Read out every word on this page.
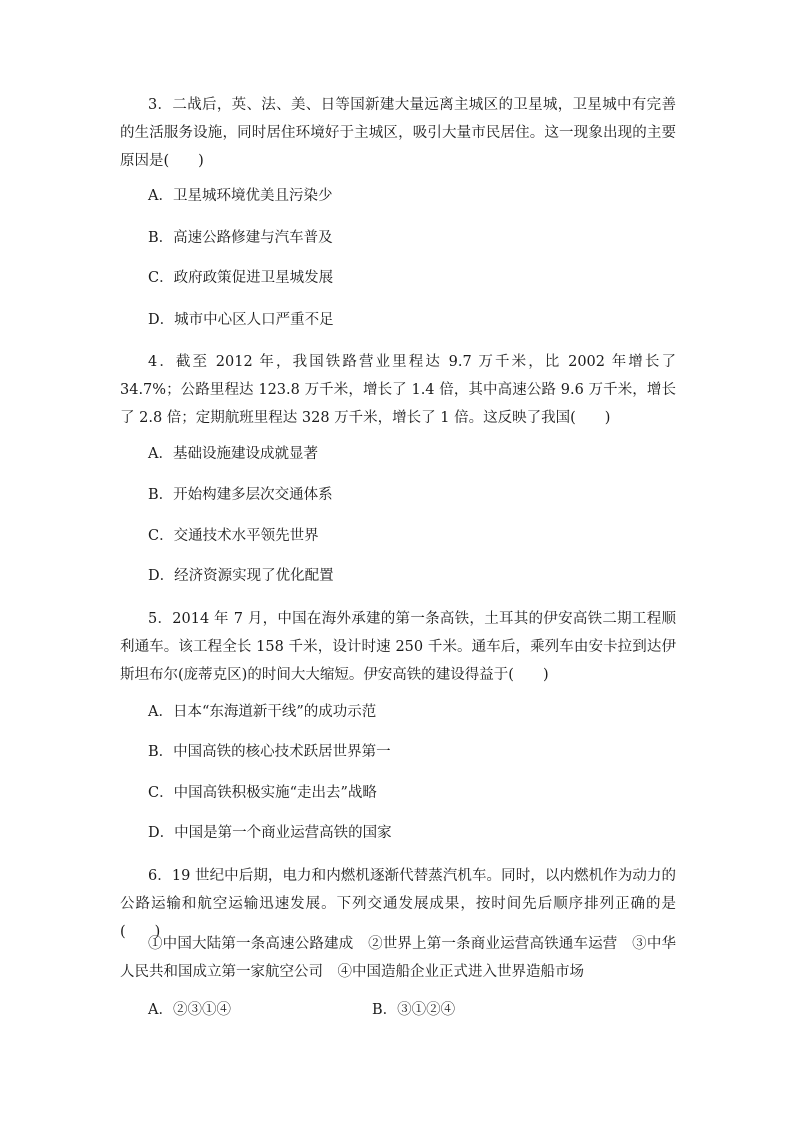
3．二战后，英、法、美、日等国新建大量远离主城区的卫星城，卫星城中有完善的生活服务设施，同时居住环境好于主城区，吸引大量市民居住。这一现象出现的主要原因是(　　)

A．卫星城环境优美且污染少

B．高速公路修建与汽车普及

C．政府政策促进卫星城发展

D．城市中心区人口严重不足

4．截至 2012 年，我国铁路营业里程达 9.7 万千米，比 2002 年增长了 34.7%；公路里程达 123.8 万千米，增长了 1.4 倍，其中高速公路 9.6 万千米，增长了 2.8 倍；定期航班里程达 328 万千米，增长了 1 倍。这反映了我国(　　)

A．基础设施建设成就显著

B．开始构建多层次交通体系

C．交通技术水平领先世界

D．经济资源实现了优化配置

5．2014 年 7 月，中国在海外承建的第一条高铁，土耳其的伊安高铁二期工程顺利通车。该工程全长 158 千米，设计时速 250 千米。通车后，乘列车由安卡拉到达伊斯坦布尔(庞蒂克区)的时间大大缩短。伊安高铁的建设得益于(　　)

A．日本“东海道新干线”的成功示范

B．中国高铁的核心技术跃居世界第一

C．中国高铁积极实施“走出去”战略

D．中国是第一个商业运营高铁的国家

6．19 世纪中后期，电力和内燃机逐渐代替蒸汽机车。同时，以内燃机作为动力的公路运输和航空运输迅速发展。下列交通发展成果，按时间先后顺序排列正确的是(　　)

①中国大陆第一条高速公路建成　②世界上第一条商业运营高铁通车运营　③中华人民共和国成立第一家航空公司　④中国造船企业正式进入世界造船市场

A．②③①④	B．③①②④
